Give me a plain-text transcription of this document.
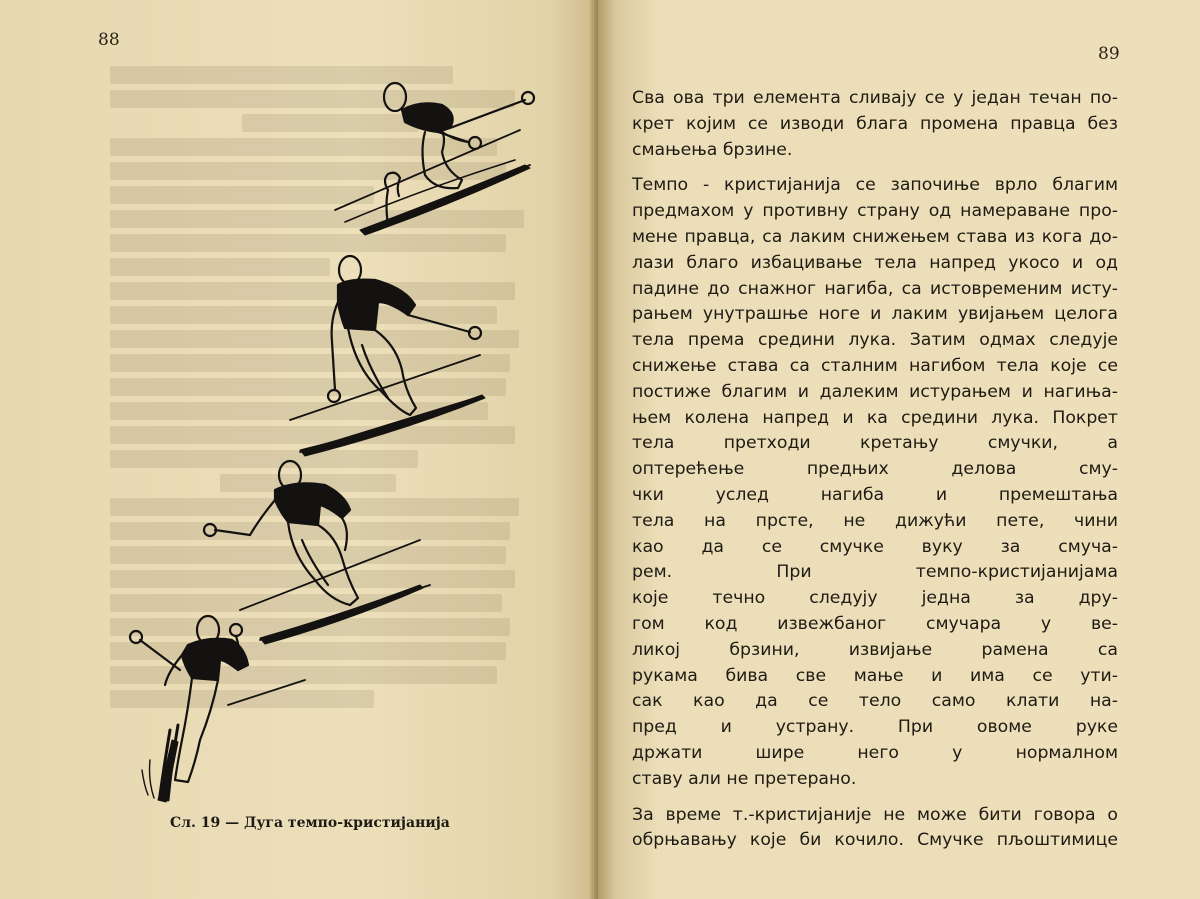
88
Сл. 19 — Дуга темпо-кристијанија
89

Сва ова три елемента сливају се у један течан по-
крет којим се изводи блага промена правца без
смањења брзине.

Темпо - кристијанија се започиње врло благим
предмахом у противну страну од намераване про-
мене правца, са лаким снижењем става из кога до-
лази благо избацивање тела напред укосо и од
падине до снажног нагиба, са истовременим исту-
рањем унутрашње ноге и лаким увијањем целога
тела према средини лука. Затим одмах следује
снижење става са сталним нагибом тела које се
постиже благим и далеким истурањем и нагиња-
њем колена напред и ка средини лука. Покрет
тела претходи кретању смучки, а
оптерећење предњих делова сму-
чки услед нагиба и премештања
тела на прсте, не дижући пете, чини
као да се смучке вуку за смуча-
рем. При темпо-кристијанијама
које течно следују једна за дру-
гом код извежбаног смучара у ве-
ликој брзини, извијање рамена са
рукама бива све мање и има се ути-
сак као да се тело само клати на-
пред и устрану. При овоме руке
држати шире него у нормалном
ставу али не претерано.

За време т.-кристијаније не може бити говора о
обрњавању које би кочило. Смучке пљоштимице
